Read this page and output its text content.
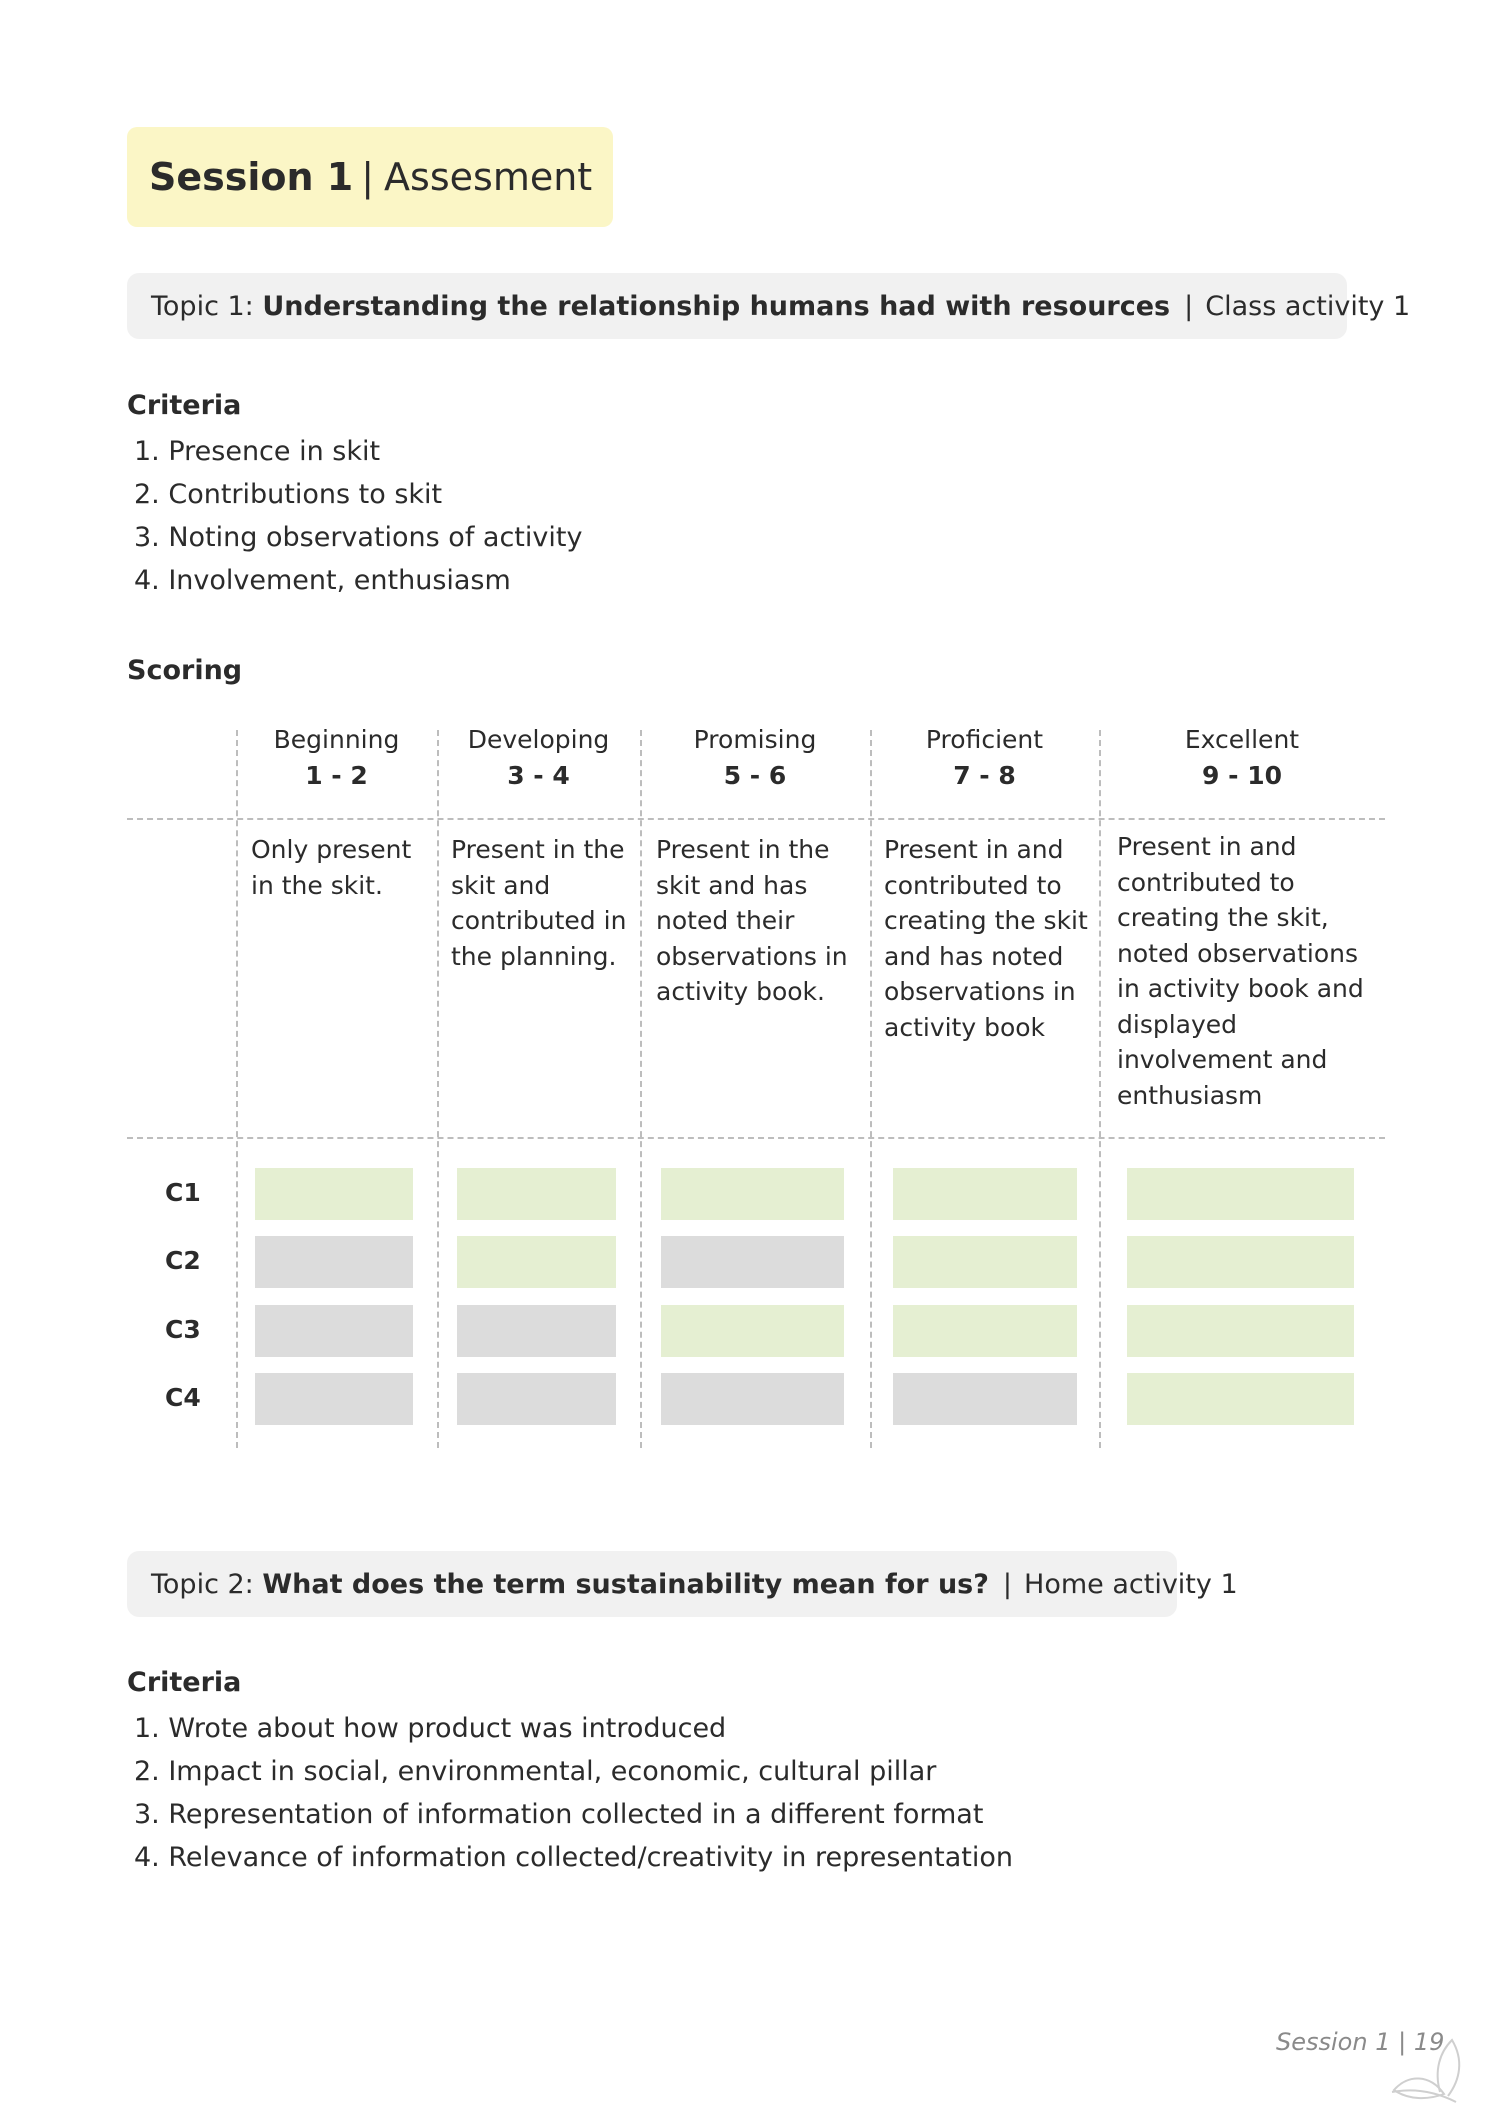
Session 1 | Assesment
Topic 1:
Understanding the relationship humans had with resources | Class activity 1
Criteria
1. Presence in skit
2. Contributions to skit
3. Noting observations of activity
4. Involvement, enthusiasm
Scoring
Beginning
1 - 2
Only present in the skit.
Developing
3 - 4
Present in the skit and contributed in the planning.
Promising
5 - 6
Present in the skit and has noted their observations in activity book.
Proficient
7 - 8
Present in and contributed to creating the skit and has noted observations in activity book
Excellent
9 - 10
Present in and contributed to creating the skit, noted observations in activity book and displayed involvement and enthusiasm
C1
C2
C3
C4
Topic 2:
What does the term sustainability mean for us? | Home activity 1
Criteria
1. Wrote about how product was introduced
2. Impact in social, environmental, economic, cultural pillar
3. Representation of information collected in a different format
4. Relevance of information collected/creativity in representation
Session 1 | 19
